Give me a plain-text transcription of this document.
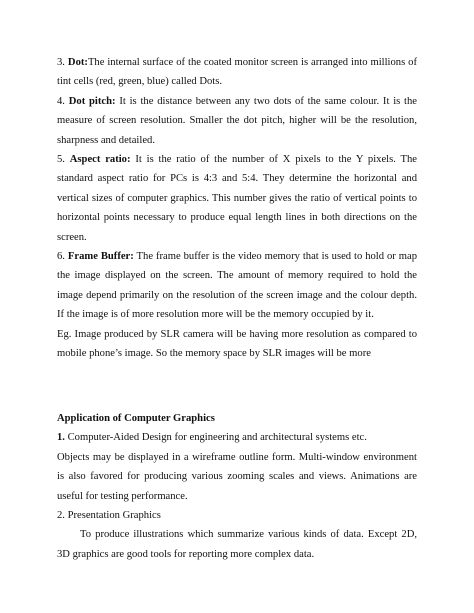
3. Dot:The internal surface of the coated monitor screen is arranged into millions of tint cells (red, green, blue) called Dots.

4. Dot pitch: It is the distance between any two dots of the same colour. It is the measure of screen resolution. Smaller the dot pitch, higher will be the resolution, sharpness and detailed.

5. Aspect ratio: It is the ratio of the number of X pixels to the Y pixels. The standard aspect ratio for PCs is 4:3 and 5:4. They determine the horizontal and vertical sizes of computer graphics. This number gives the ratio of vertical points to horizontal points necessary to produce equal length lines in both directions on the screen.

6. Frame Buffer: The frame buffer is the video memory that is used to hold or map the image displayed on the screen. The amount of memory required to hold the image depend primarily on the resolution of the screen image and the colour depth. If the image is of more resolution more will be the memory occupied by it.

Eg. Image produced by SLR camera will be having more resolution as compared to mobile phone’s image. So the memory space by SLR images will be more

Application of Computer Graphics

1. Computer-Aided Design for engineering and architectural systems etc.

Objects may be displayed in a wireframe outline form. Multi-window environment is also favored for producing various zooming scales and views. Animations are useful for testing performance.

2. Presentation Graphics

To produce illustrations which summarize various kinds of data. Except 2D, 3D graphics are good tools for reporting more complex data.
